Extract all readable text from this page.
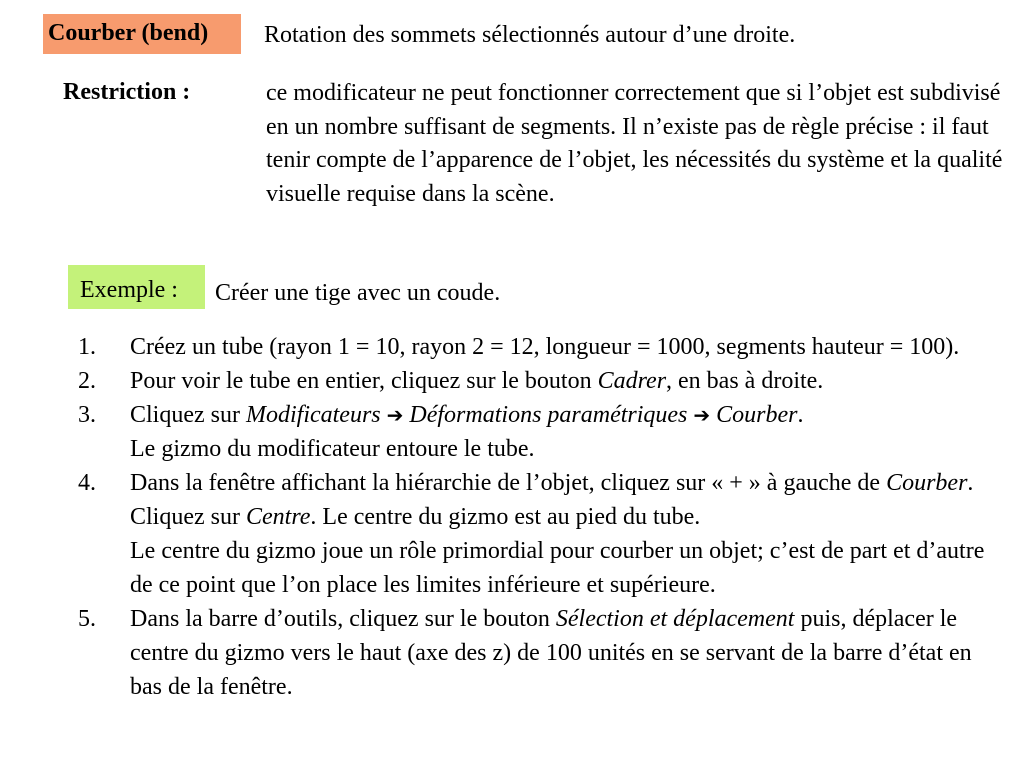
Courber (bend)	Rotation des sommets sélectionnés autour d’une droite.
Restriction :	ce modificateur ne peut fonctionner correctement que si l’objet est subdivisé en un nombre suffisant de segments. Il n’existe pas de règle précise : il faut tenir compte de l’apparence de l’objet, les nécessités du système et la qualité visuelle requise dans la scène.
Exemple :	Créer une tige avec un coude.
1. Créez un tube (rayon 1 = 10, rayon 2 = 12, longueur = 1000, segments hauteur = 100).
2. Pour voir le tube en entier, cliquez sur le bouton Cadrer, en bas à droite.
3. Cliquez sur Modificateurs ➔ Déformations paramétriques ➔ Courber.
Le gizmo du modificateur entoure le tube.
4. Dans la fenêtre affichant la hiérarchie de l’objet, cliquez sur « + » à gauche de Courber. Cliquez sur Centre. Le centre du gizmo est au pied du tube.
Le centre du gizmo joue un rôle primordial pour courber un objet; c’est de part et d’autre de ce point que l’on place les limites inférieure et supérieure.
5. Dans la barre d’outils, cliquez sur le bouton Sélection et déplacement puis, déplacer le centre du gizmo vers le haut (axe des z) de 100 unités en se servant de la barre d’état en bas de la fenêtre.
